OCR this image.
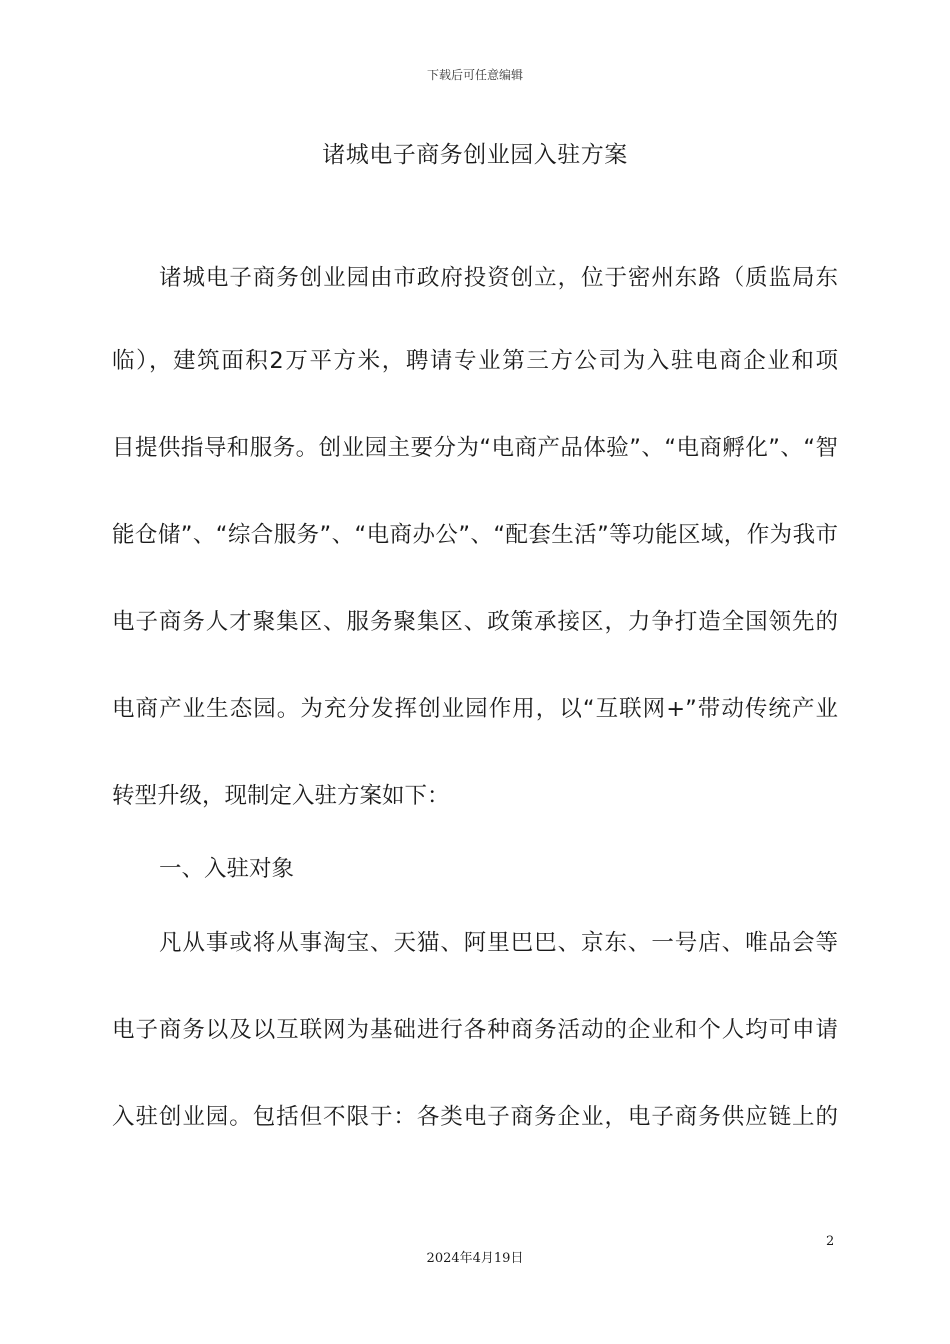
下载后可任意编辑
诸城电子商务创业园入驻方案
诸城电子商务创业园由市政府投资创立，位于密州东路（质监局东
临），建筑面积2万平方米，聘请专业第三方公司为入驻电商企业和项
目提供指导和服务。创业园主要分为“电商产品体验”、“电商孵化”、“智
能仓储”、“综合服务”、“电商办公”、“配套生活”等功能区域，作为我市
电子商务人才聚集区、服务聚集区、政策承接区，力争打造全国领先的
电商产业生态园。为充分发挥创业园作用，以“互联网+”带动传统产业
转型升级，现制定入驻方案如下：
一、入驻对象
凡从事或将从事淘宝、天猫、阿里巴巴、京东、一号店、唯品会等
电子商务以及以互联网为基础进行各种商务活动的企业和个人均可申请
入驻创业园。包括但不限于：各类电子商务企业，电子商务供应链上的
2
2024年4月19日
